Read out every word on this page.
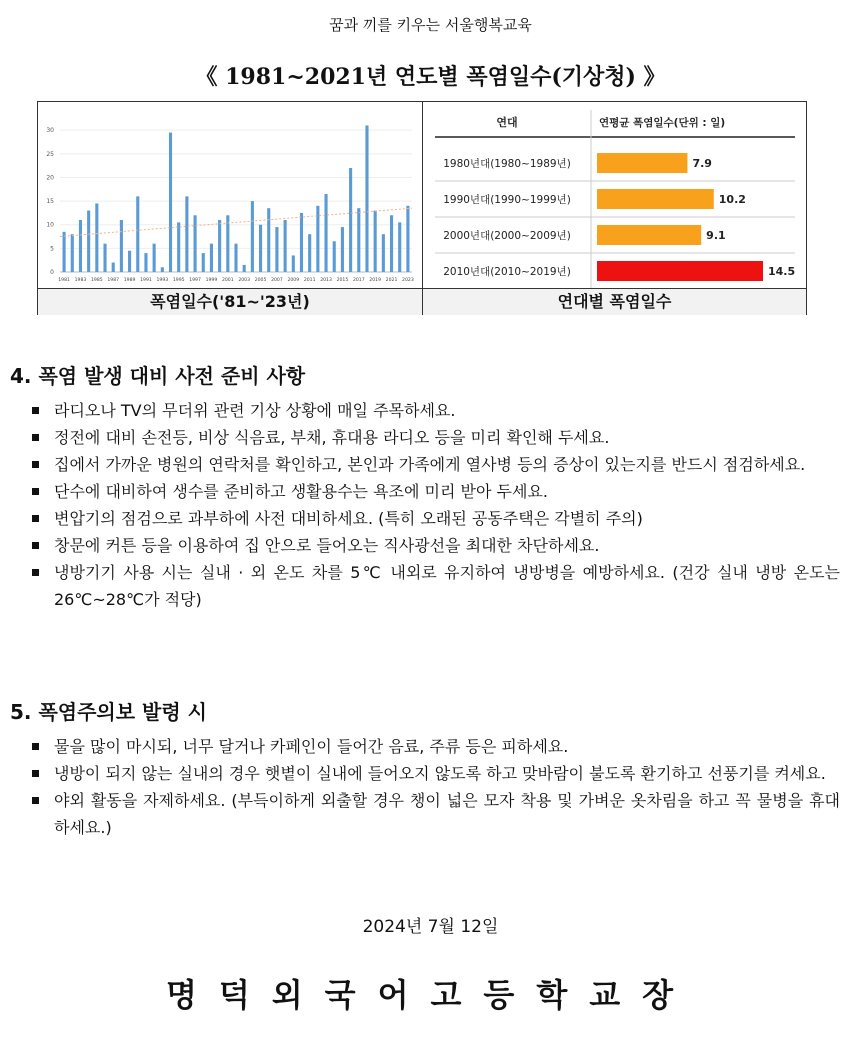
꿈과 끼를 키우는 서울행복교육
《 1981~2021년 연도별 폭염일수(기상청) 》
0
5
10
15
20
25
30
1981 1983 1985 1987 1989 1991 1993 1995 1997 1999 2001 2003 2005 2007 2009 2011 2013 2015 2017 2019 2021 2023
연대	연평균 폭염일수(단위 : 일)
1980년대(1980~1989년)	7.9
1990년대(1990~1999년)	10.2
2000년대(2000~2009년)	9.1
2010년대(2010~2019년)	14.5
폭염일수('81~'23년)	연대별 폭염일수
4. 폭염 발생 대비 사전 준비 사항
라디오나 TV의 무더위 관련 기상 상황에 매일 주목하세요.
정전에 대비 손전등, 비상 식음료, 부채, 휴대용 라디오 등을 미리 확인해 두세요.
집에서 가까운 병원의 연락처를 확인하고, 본인과 가족에게 열사병 등의 증상이 있는지를 반드시 점검하세요.
단수에 대비하여 생수를 준비하고 생활용수는 욕조에 미리 받아 두세요.
변압기의 점검으로 과부하에 사전 대비하세요. (특히 오래된 공동주택은 각별히 주의)
창문에 커튼 등을 이용하여 집 안으로 들어오는 직사광선을 최대한 차단하세요.
냉방기기 사용 시는 실내 · 외 온도 차를 5℃ 내외로 유지하여 냉방병을 예방하세요. (건강 실내 냉방 온도는 26℃~28℃가 적당)
5. 폭염주의보 발령 시
물을 많이 마시되, 너무 달거나 카페인이 들어간 음료, 주류 등은 피하세요.
냉방이 되지 않는 실내의 경우 햇볕이 실내에 들어오지 않도록 하고 맞바람이 불도록 환기하고 선풍기를 켜세요.
야외 활동을 자제하세요. (부득이하게 외출할 경우 챙이 넓은 모자 착용 및 가벼운 옷차림을 하고 꼭 물병을 휴대하세요.)
2024년 7월 12일
명덕외국어고등학교장
